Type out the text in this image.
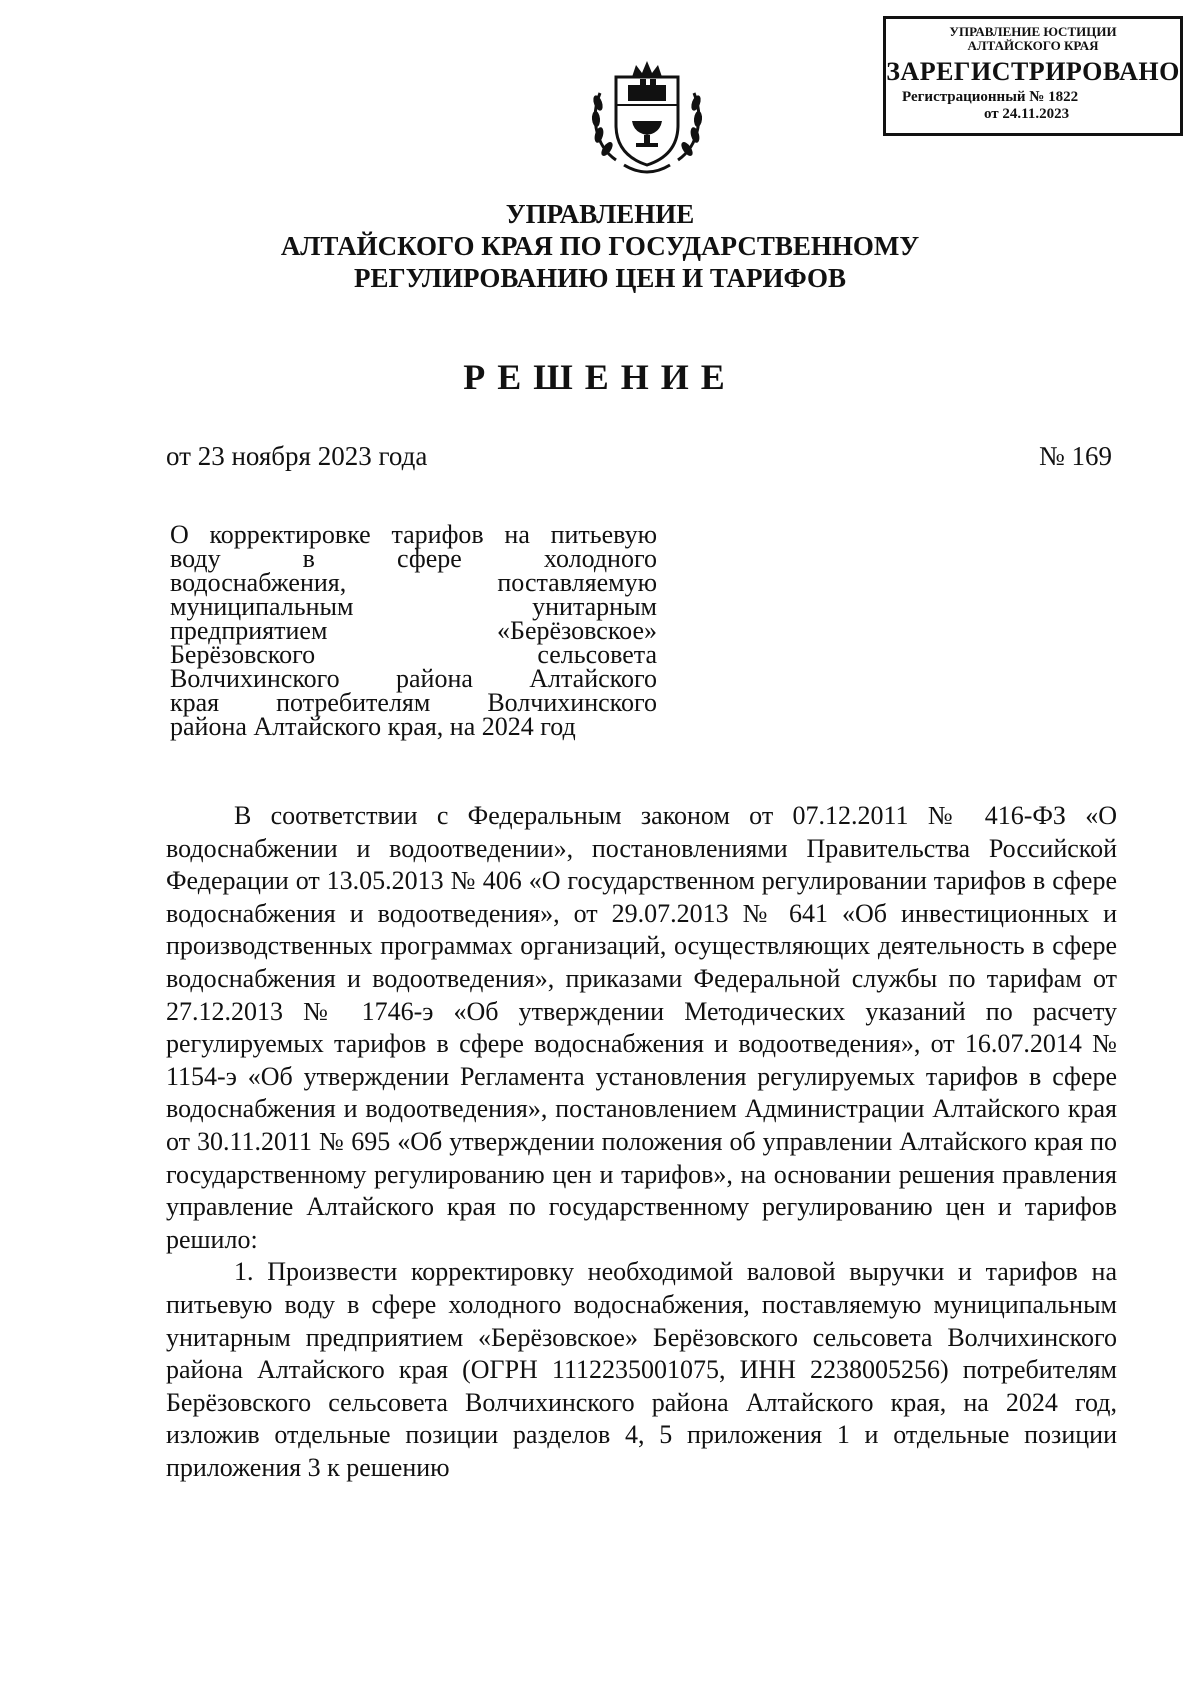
УПРАВЛЕНИЕ ЮСТИЦИИ
АЛТАЙСКОГО КРАЯ
ЗАРЕГИСТРИРОВАНО
Регистрационный № 1822
от 24.11.2023
УПРАВЛЕНИЕ
АЛТАЙСКОГО КРАЯ ПО ГОСУДАРСТВЕННОМУ
РЕГУЛИРОВАНИЮ ЦЕН И ТАРИФОВ
РЕШЕНИЕ
от 23 ноября 2023 года	№ 169
О корректировке тарифов на питьевую
воду в сфере холодного
водоснабжения, поставляемую
муниципальным унитарным
предприятием «Берёзовское»
Берёзовского сельсовета
Волчихинского района Алтайского
края потребителям Волчихинского
района Алтайского края, на 2024 год

В соответствии с Федеральным законом от 07.12.2011 № 416-ФЗ «О водоснабжении и водоотведении», постановлениями Правительства Российской Федерации от 13.05.2013 № 406 «О государственном регулировании тарифов в сфере водоснабжения и водоотведения», от 29.07.2013 № 641 «Об инвестиционных и производственных программах организаций, осуществляющих деятельность в сфере водоснабжения и водоотведения», приказами Федеральной службы по тарифам от 27.12.2013 № 1746-э «Об утверждении Методических указаний по расчету регулируемых тарифов в сфере водоснабжения и водоотведения», от 16.07.2014 № 1154-э «Об утверждении Регламента установления регулируемых тарифов в сфере водоснабжения и водоотведения», постановлением Администрации Алтайского края от 30.11.2011 № 695 «Об утверждении положения об управлении Алтайского края по государственному регулированию цен и тарифов», на основании решения правления управление Алтайского края по государственному регулированию цен и тарифов решило:

1. Произвести корректировку необходимой валовой выручки и тарифов на питьевую воду в сфере холодного водоснабжения, поставляемую муниципальным унитарным предприятием «Берёзовское» Берёзовского сельсовета Волчихинского района Алтайского края (ОГРН 1112235001075, ИНН 2238005256) потребителям Берёзовского сельсовета Волчихинского района Алтайского края, на 2024 год, изложив отдельные позиции разделов 4, 5 приложения 1 и отдельные позиции приложения 3 к решению
